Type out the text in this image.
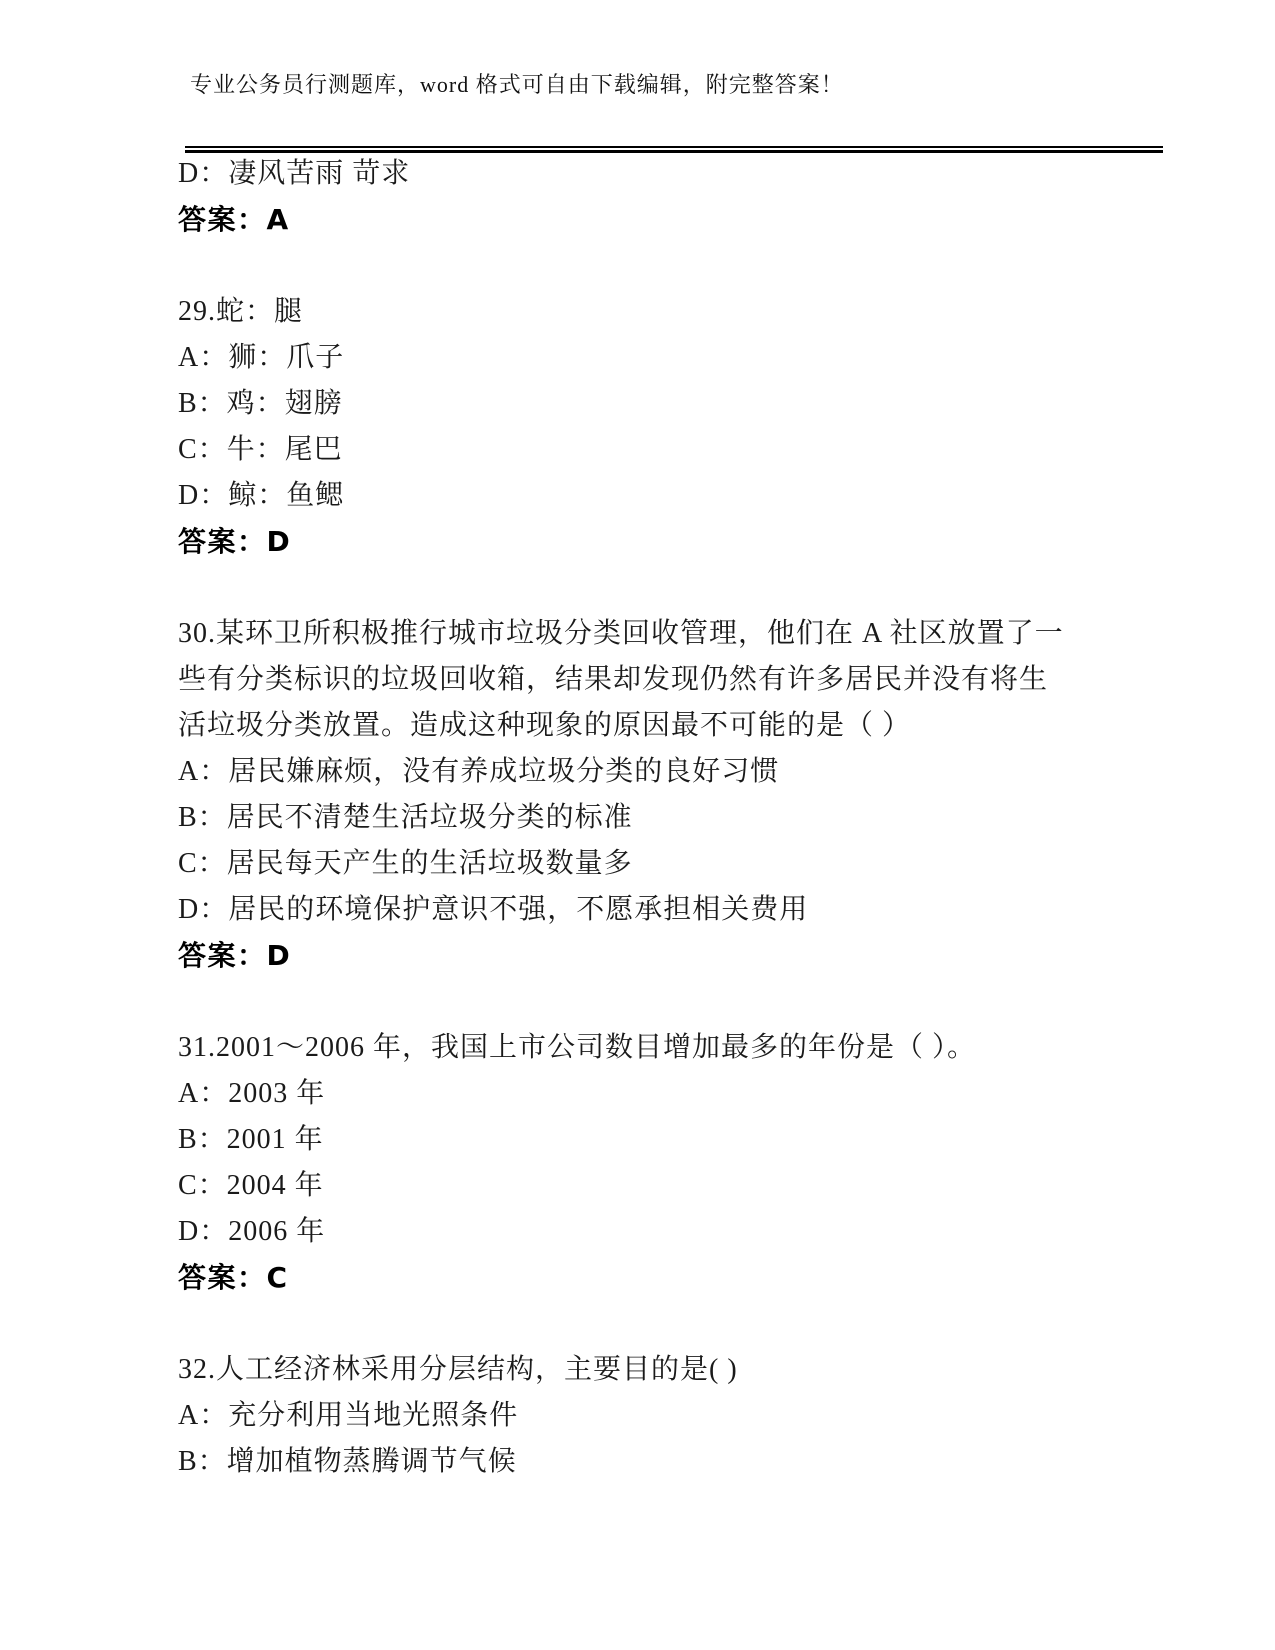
专业公务员行测题库，word 格式可自由下载编辑，附完整答案！
D：凄风苦雨 苛求
答案：A
29.蛇：腿
A：狮：爪子
B：鸡：翅膀
C：牛：尾巴
D：鲸：鱼鳃
答案：D
30.某环卫所积极推行城市垃圾分类回收管理，他们在 A 社区放置了一
些有分类标识的垃圾回收箱，结果却发现仍然有许多居民并没有将生
活垃圾分类放置。造成这种现象的原因最不可能的是（ ）
A：居民嫌麻烦，没有养成垃圾分类的良好习惯
B：居民不清楚生活垃圾分类的标准
C：居民每天产生的生活垃圾数量多
D：居民的环境保护意识不强，不愿承担相关费用
答案：D
31.2001～2006 年，我国上市公司数目增加最多的年份是（ ）。
A：2003 年
B：2001 年
C：2004 年
D：2006 年
答案：C
32.人工经济林采用分层结构，主要目的是( )
A：充分利用当地光照条件
B：增加植物蒸腾调节气候
